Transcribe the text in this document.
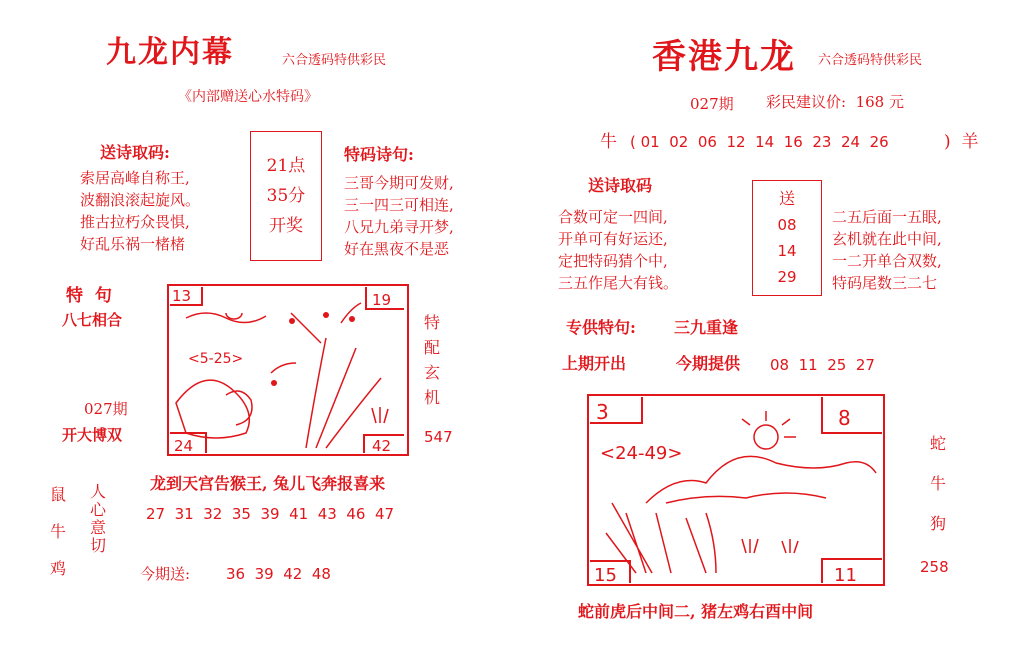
九龙内幕	六合透码特供彩民
《内部赠送心水特码》
送诗取码:
索居高峰自称王,
波翻浪滚起旋风。
推古拉朽众畏惧,
好乱乐祸一楮楮
21点
35分
开奖
特码诗句:
三哥今期可发财,
三一四三可相连,
八兄九弟寻开梦,
好在黑夜不是恶
特  句
八七相合
027期
开大博双
13	19
24	42
<5-25>
特
配
玄
机
547
龙到天宫告猴王, 兔儿飞奔报喜来
鼠
牛
鸡
人
心
意
切
27  31  32  35  39  41  43  46  47
今期送: 36  39  42  48
香港九龙 六合透码特供彩民
027期 彩民建议价:  168 元
牛 ( 01  02  06  12  14  16  23  24  26	)  羊
送诗取码
合数可定一四间,
开单可有好运还,
定把特码猜个中,
三五作尾大有钱。
送
08
14
29
二五后面一五眼,
玄机就在此中间,
一二开单合双数,
特码尾数三二七
专供特句: 三九重逢
上期开出	今期提供 08  11  25  27
3	8
15	11
<24-49>	蛇
牛
狗
258
蛇前虎后中间二, 猪左鸡右酉中间
